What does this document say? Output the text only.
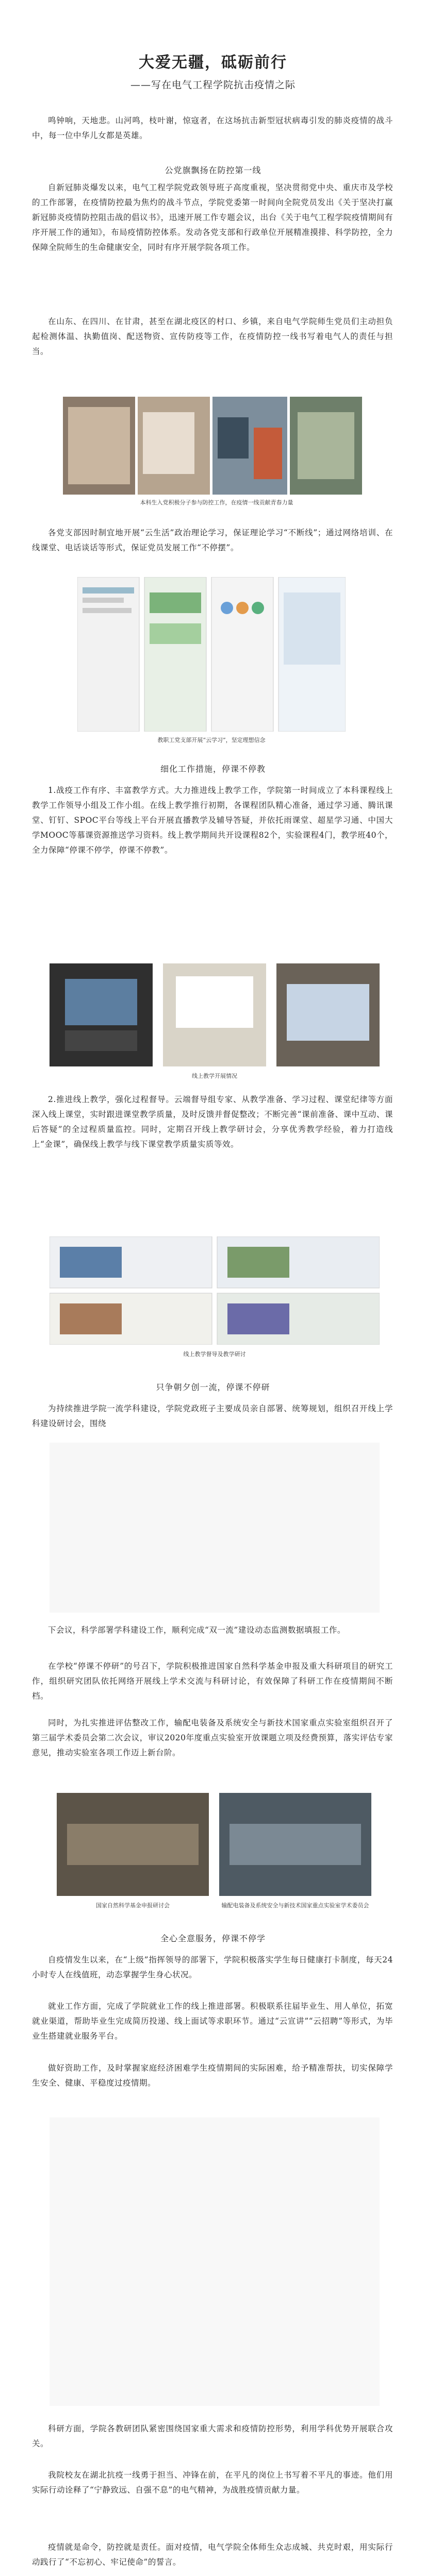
大爱无疆，砥砺前行
——写在电气工程学院抗击疫情之际

鸣钟响，天地悲。山河鸣，枝叶谢，惊寇者，在这场抗击新型冠状病毒引发的肺炎疫情的战斗中，每一位中华儿女都是英雄。

公党旗飘扬在防控第一线

自新冠肺炎爆发以来，电气工程学院党政领导班子高度重视，坚决贯彻党中央、重庆市及学校的工作部署，在疫情防控最为焦灼的战斗节点，学院党委第一时间向全院党员发出《关于坚决打赢新冠肺炎疫情防控阻击战的倡议书》，迅速开展工作专题会议，出台《关于电气工程学院疫情期间有序开展工作的通知》，布局疫情防控体系。发动各党支部和行政单位开展精准摸排、科学防控，全力保障全院师生的生命健康安全，同时有序开展学院各项工作。

在山东、在四川、在甘肃，甚至在湖北疫区的村口、乡镇，来自电气学院师生党员们主动担负起检测体温、执勤值岗、配送物资、宣传防疫等工作，在疫情防控一线书写着电气人的责任与担当。

本科生入党积极分子参与防控工作，在疫情一线贡献青春力量

各党支部因时制宜地开展“云生活”政治理论学习，保证理论学习“不断线”；通过网络培训、在线课堂、电话谈话等形式，保证党员发展工作“不停摆”。

教职工党支部开展“云学习”，坚定理想信念
细化工作措施，停课不停教

1.战疫工作有序、丰富教学方式。大力推进线上教学工作，学院第一时间成立了本科课程线上教学工作领导小组及工作小组。在线上教学推行初期，各课程团队精心准备，通过学习通、腾讯课堂、钉钉、SPOC平台等线上平台开展直播教学及辅导答疑，并依托雨课堂、超星学习通、中国大学MOOC等慕课资源推送学习资料。线上教学期间共开设课程82个，实验课程4门，教学班40个，全力保障“停课不停学，停课不停教”。

线上教学开展情况

2.推进线上教学，强化过程督导。云端督导组专家、从教学准备、学习过程、课堂纪律等方面深入线上课堂，实时跟进课堂教学质量，及时反馈并督促整改；不断完善“课前准备、课中互动、课后答疑”的全过程质量监控。同时，定期召开线上教学研讨会，分享优秀教学经验，着力打造线上“金课”，确保线上教学与线下课堂教学质量实质等效。

线上教学督导及教学研讨
只争朝夕创一流，停课不停研

为持续推进学院一流学科建设，学院党政班子主要成员亲自部署、统筹规划，组织召开线上学科建设研讨会，围绕

下会议，科学部署学科建设工作，顺利完成“双一流”建设动态监测数据填报工作。

在学校“停课不停研”的号召下，学院积极推进国家自然科学基金申报及重大科研项目的研究工作，组织研究团队依托网络开展线上学术交流与科研讨论，有效保障了科研工作在疫情期间不断档。

同时，为扎实推进评估整改工作，输配电装备及系统安全与新技术国家重点实验室组织召开了第三届学术委员会第二次会议，审议2020年度重点实验室开放课题立项及经费预算，落实评估专家意见，推动实验室各项工作迈上新台阶。

国家自然科学基金申报研讨会	输配电装备及系统安全与新技术国家重点实验室学术委员会
全心全意服务，停课不停学

自疫情发生以来，在“上级”指挥领导的部署下，学院积极落实学生每日健康打卡制度，每天24小时专人在线值班，动态掌握学生身心状况。

就业工作方面，完成了学院就业工作的线上推进部署。积极联系往届毕业生、用人单位，拓宽就业渠道，帮助毕业生完成简历投递、线上面试等求职环节。通过“云宣讲”“云招聘”等形式，为毕业生搭建就业服务平台。

做好资助工作，及时掌握家庭经济困难学生疫情期间的实际困难，给予精准帮扶，切实保障学生安全、健康、平稳度过疫情期。

科研方面，学院各教研团队紧密围绕国家重大需求和疫情防控形势，利用学科优势开展联合攻关。

我院校友在湖北抗疫一线勇于担当、冲锋在前，在平凡的岗位上书写着不平凡的事迹。他们用实际行动诠释了“宁静致远、自强不息”的电气精神，为战胜疫情贡献力量。

疫情就是命令，防控就是责任。面对疫情，电气学院全体师生众志成城、共克时艰，用实际行动践行了“不忘初心、牢记使命”的誓言。
